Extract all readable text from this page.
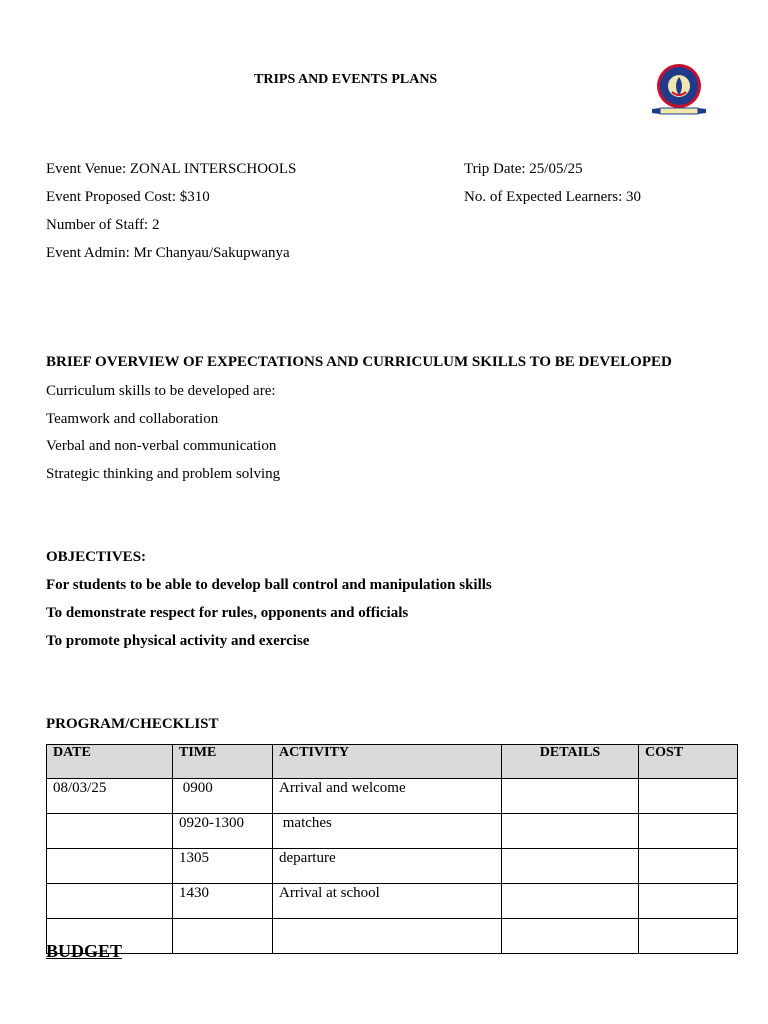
TRIPS AND EVENTS PLANS
Event Venue: ZONAL INTERSCHOOLS
Event Proposed Cost: $310
Number of Staff: 2
Event Admin: Mr Chanyau/Sakupwanya
Trip Date: 25/05/25
No. of Expected Learners: 30
BRIEF OVERVIEW OF EXPECTATIONS AND CURRICULUM SKILLS TO BE DEVELOPED
Curriculum skills to be developed are:
Teamwork and collaboration
Verbal and non-verbal communication
Strategic thinking and problem solving
OBJECTIVES:
For students to be able to develop ball control and manipulation skills
To demonstrate respect for rules, opponents and officials
To promote physical activity and exercise
PROGRAM/CHECKLIST
DATE	TIME	ACTIVITY	DETAILS	COST
08/03/25	0900	Arrival and welcome		
	0920-1300	matches		
	1305	departure		
	1430	Arrival at school		

BUDGET
